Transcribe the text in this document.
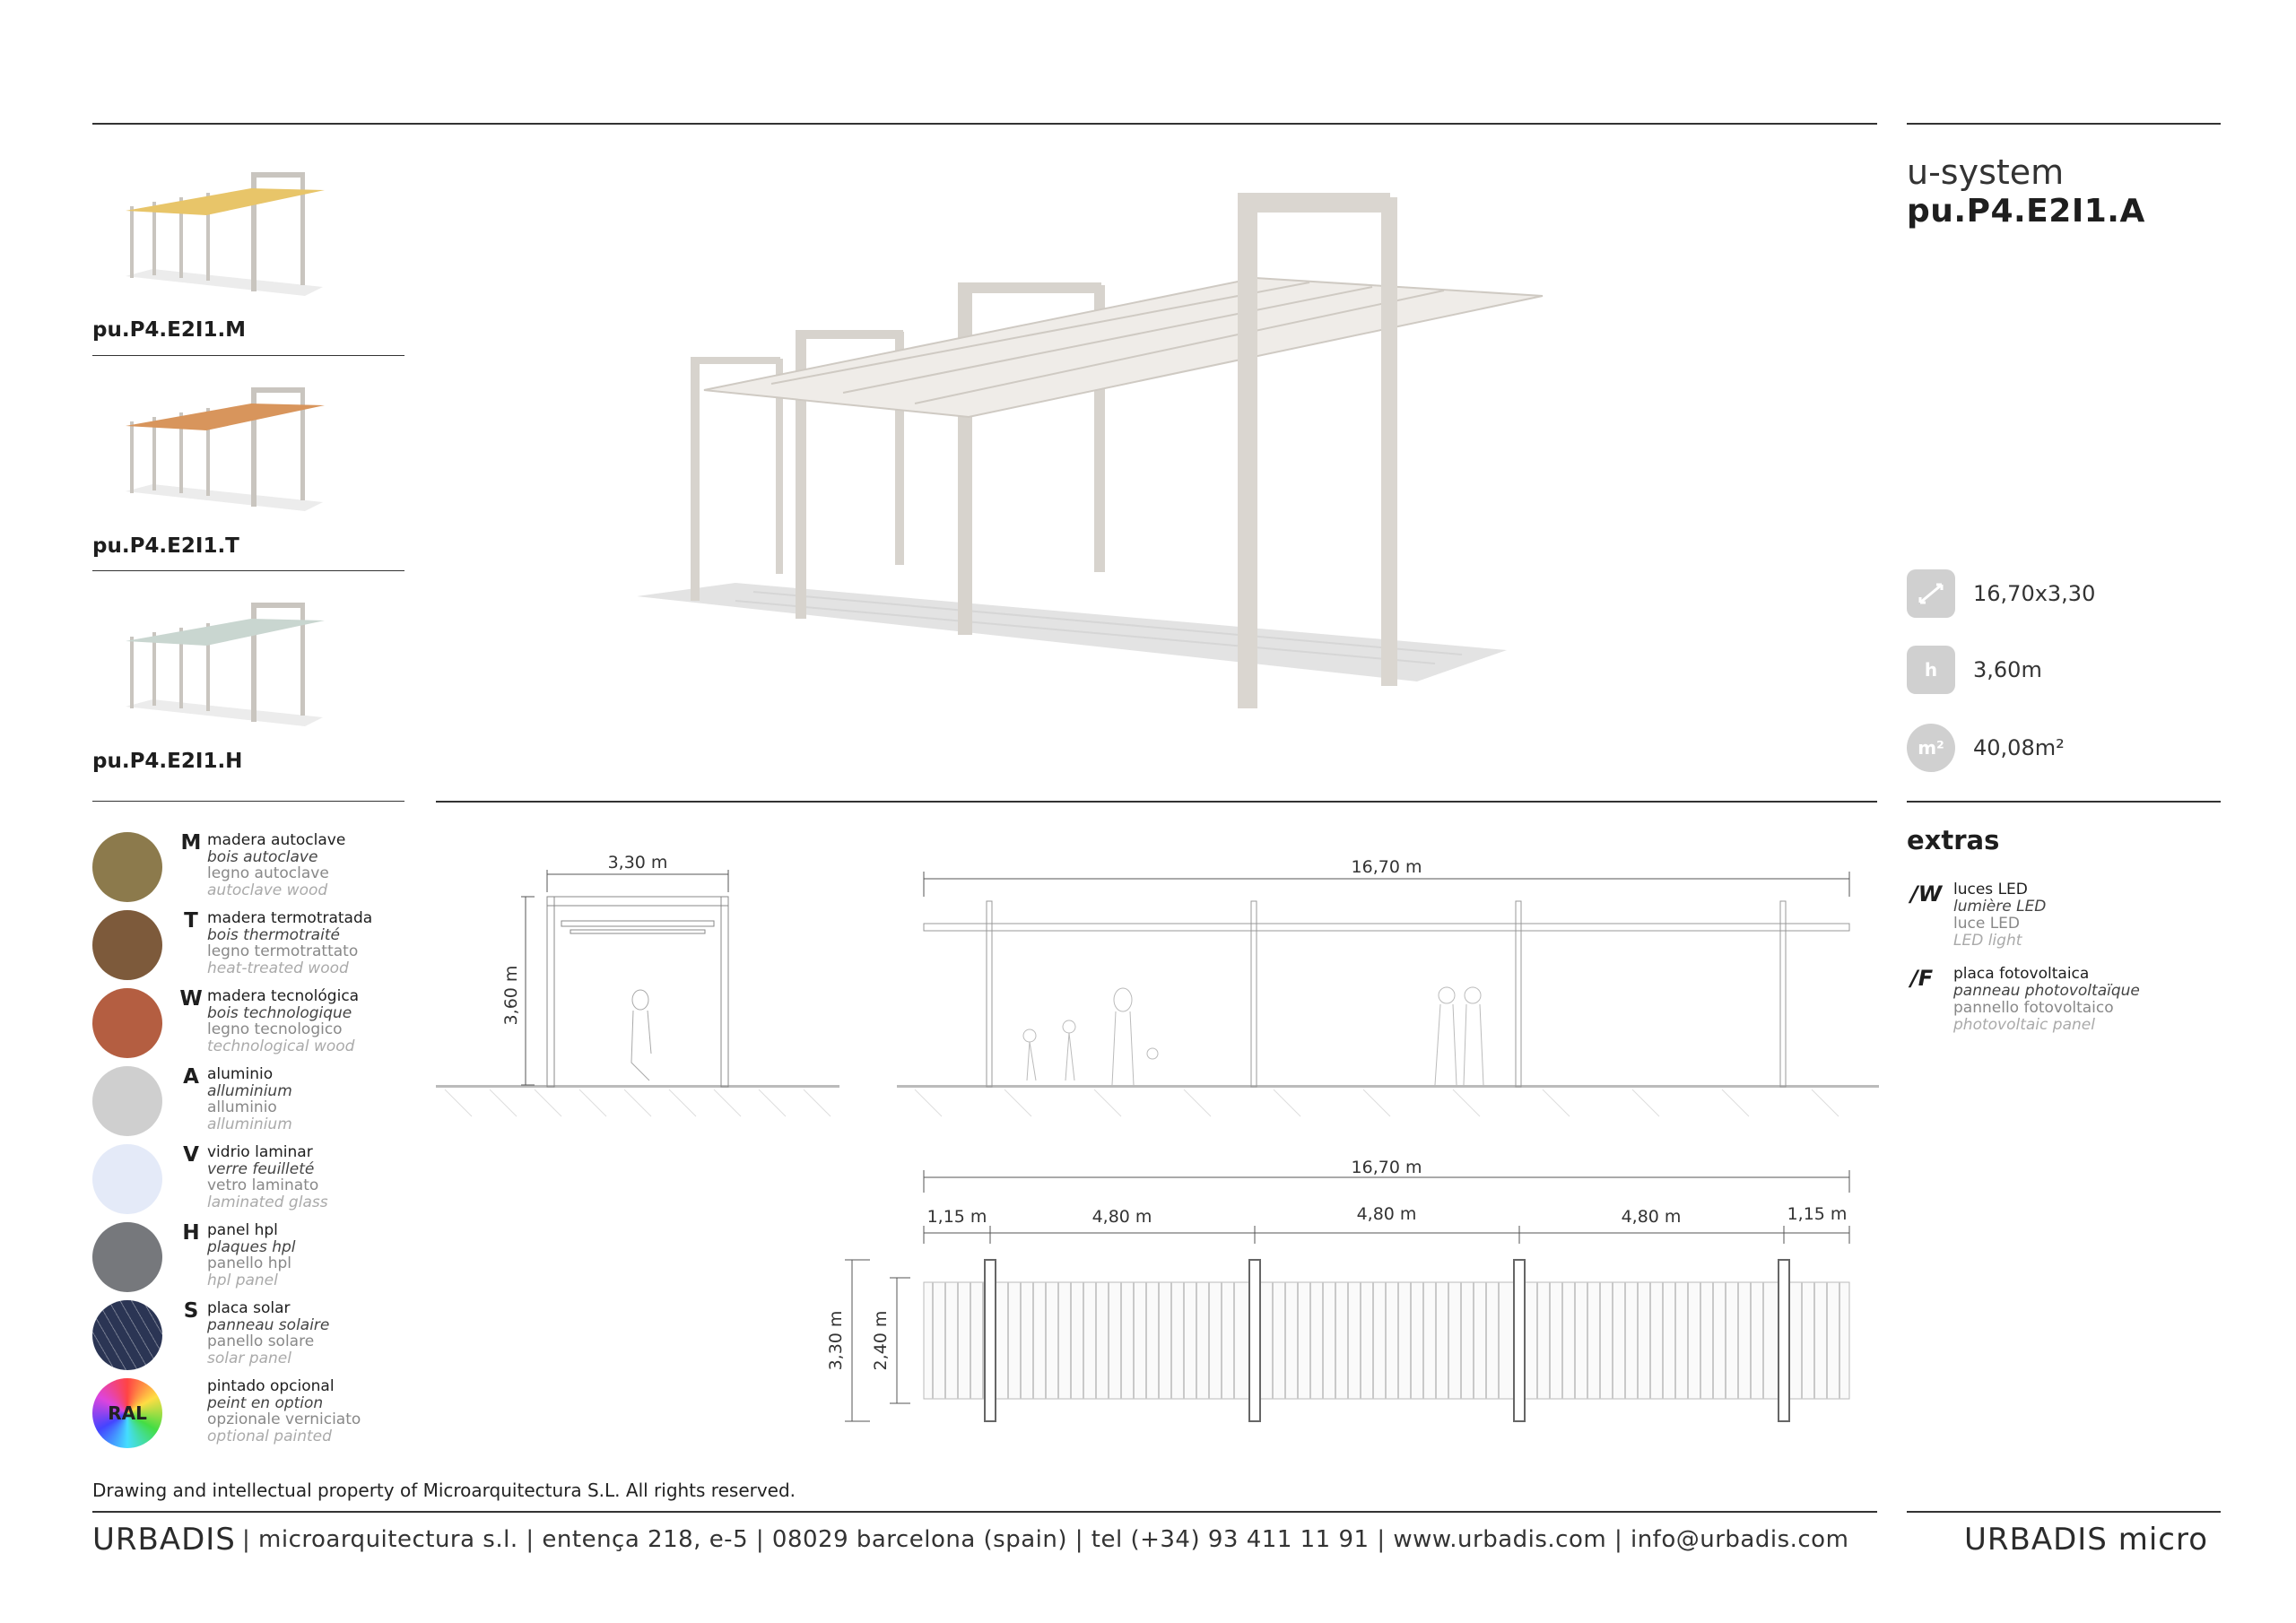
pu.P4.E2I1.M
pu.P4.E2I1.T
pu.P4.E2I1.H
u-system
pu.P4.E2I1.A
16,70x3,30
h	3,60m
m²	40,08m²
extras
/W luces LED
lumière LED
luce LED
LED light
/F	placa fotovoltaica
panneau photovoltaïque
pannello fotovoltaico
photovoltaic panel
M madera autoclave
bois autoclave
legno autoclave
autoclave wood
T madera termotratada
bois thermotraité
legno termotrattato
heat-treated wood
W madera tecnológica
bois technologique
legno tecnologico
technological wood
A aluminio
alluminium
alluminio
alluminium
V vidrio laminar
verre feuilleté
vetro laminato
laminated glass
H panel hpl
plaques hpl
panello hpl
hpl panel
S placa solar
panneau solaire
panello solare
solar panel
RAL
pintado opcional
peint en option
opzionale verniciato
optional painted
3,30 m
3,60 m
16,70 m
16,70 m
1,15 m	4,80 m	4,80 m	4,80 m	1,15 m
3,30 m 2,40 m
Drawing and intellectual property of Microarquitectura S.L. All rights reserved.
URBADIS | microarquitectura s.l. | entença 218, e-5 | 08029 barcelona (spain) | tel (+34) 93 411 11 91 | www.urbadis.com | info@urbadis.com	URBADIS micro
